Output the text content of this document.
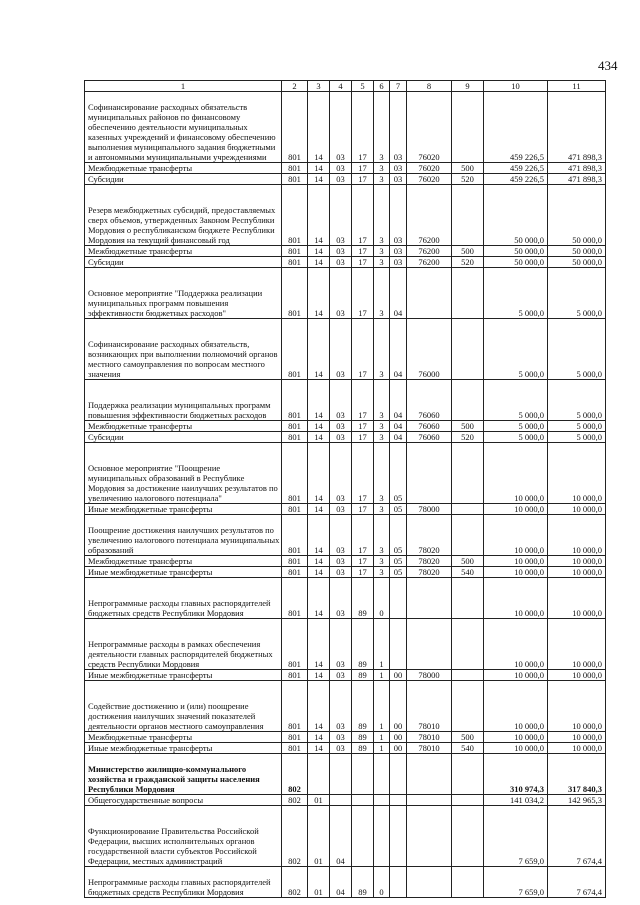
434
1	2	3	4	5	6	7	8	9	10	11
Софинансирование расходных обязательств муниципальных районов по финансовому обеспечению деятельности муниципальных казенных учреждений и финансовому обеспечению выполнения муниципального задания бюджетными и автономными муниципальными учреждениями	801	14	03	17	3	03	76020		459 226,5	471 898,3
Межбюджетные трансферты	801	14	03	17	3	03	76020	500	459 226,5	471 898,3
Субсидии	801	14	03	17	3	03	76020	520	459 226,5	471 898,3
Резерв межбюджетных субсидий, предоставляемых сверх объемов, утвержденных Законом Республики Мордовия о республиканском бюджете Республики Мордовия на текущий финансовый год	801	14	03	17	3	03	76200		50 000,0	50 000,0
Межбюджетные трансферты	801	14	03	17	3	03	76200	500	50 000,0	50 000,0
Субсидии	801	14	03	17	3	03	76200	520	50 000,0	50 000,0
Основное мероприятие "Поддержка реализации муниципальных программ повышения эффективности бюджетных расходов"	801	14	03	17	3	04			5 000,0	5 000,0
Софинансирование расходных обязательств, возникающих при выполнении полномочий органов местного самоуправления по вопросам местного значения	801	14	03	17	3	04	76000		5 000,0	5 000,0
Поддержка реализации муниципальных программ повышения эффективности бюджетных расходов	801	14	03	17	3	04	76060		5 000,0	5 000,0
Межбюджетные трансферты	801	14	03	17	3	04	76060	500	5 000,0	5 000,0
Субсидии	801	14	03	17	3	04	76060	520	5 000,0	5 000,0
Основное мероприятие "Поощрение муниципальных образований в Республике Мордовия за достижение наилучших результатов по увеличению налогового потенциала"	801	14	03	17	3	05			10 000,0	10 000,0
Иные межбюджетные трансферты	801	14	03	17	3	05	78000		10 000,0	10 000,0
Поощрение достижения наилучших результатов по увеличению налогового потенциала муниципальных образований	801	14	03	17	3	05	78020		10 000,0	10 000,0
Межбюджетные трансферты	801	14	03	17	3	05	78020	500	10 000,0	10 000,0
Иные межбюджетные трансферты	801	14	03	17	3	05	78020	540	10 000,0	10 000,0
Непрограммные расходы главных распорядителей бюджетных средств Республики Мордовия	801	14	03	89	0				10 000,0	10 000,0
Непрограммные расходы в рамках обеспечения деятельности главных распорядителей бюджетных средств Республики Мордовия	801	14	03	89	1				10 000,0	10 000,0
Иные межбюджетные трансферты	801	14	03	89	1	00	78000		10 000,0	10 000,0
Содействие достижению и (или) поощрение достижения наилучших значений показателей деятельности органов местного самоуправления	801	14	03	89	1	00	78010		10 000,0	10 000,0
Межбюджетные трансферты	801	14	03	89	1	00	78010	500	10 000,0	10 000,0
Иные межбюджетные трансферты	801	14	03	89	1	00	78010	540	10 000,0	10 000,0
Министерство жилищно-коммунального хозяйства и гражданской защиты населения Республики Мордовия	802								310 974,3	317 840,3
Общегосударственные вопросы	802	01							141 034,2	142 965,3
Функционирование Правительства Российской Федерации, высших исполнительных органов государственной власти субъектов Российской Федерации, местных администраций	802	01	04						7 659,0	7 674,4
Непрограммные расходы главных распорядителей бюджетных средств Республики Мордовия	802	01	04	89	0				7 659,0	7 674,4
